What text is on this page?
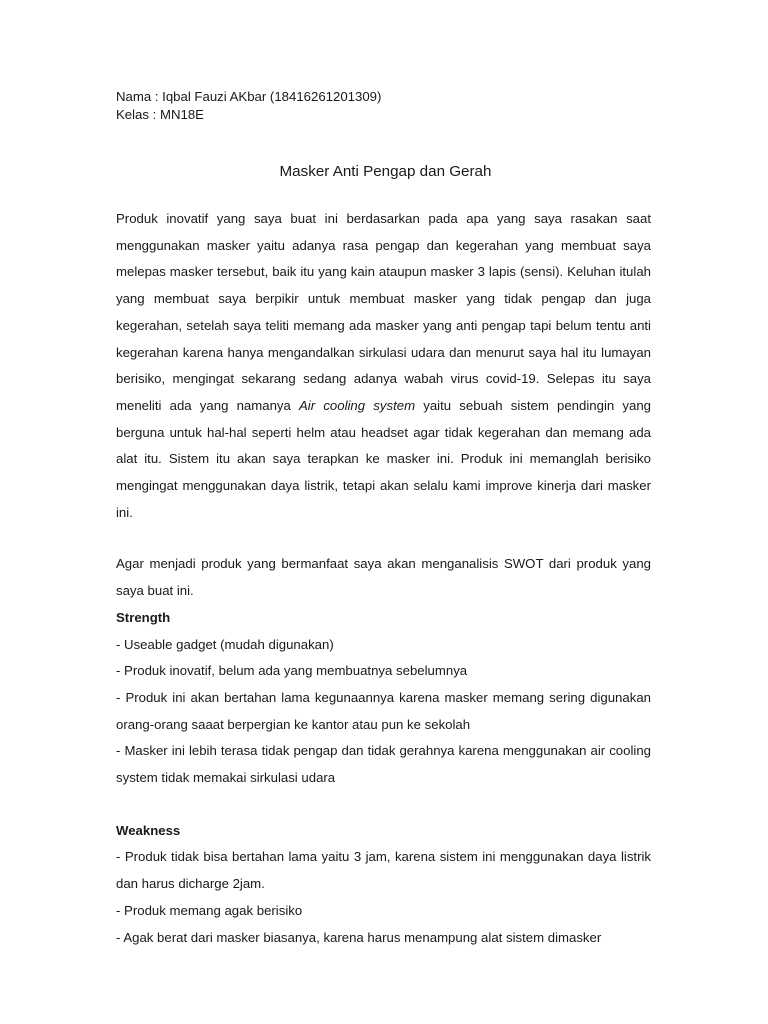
Nama : Iqbal Fauzi AKbar (18416261201309)

Kelas : MN18E

Masker Anti Pengap dan Gerah

Produk inovatif yang saya buat ini berdasarkan pada apa yang saya rasakan saat menggunakan masker yaitu adanya rasa pengap dan kegerahan yang membuat saya melepas masker tersebut, baik itu yang kain ataupun masker 3 lapis (sensi). Keluhan itulah yang membuat saya berpikir untuk membuat masker yang tidak pengap dan juga kegerahan, setelah saya teliti memang ada masker yang anti pengap tapi belum tentu anti kegerahan karena hanya mengandalkan sirkulasi udara dan menurut saya hal itu lumayan berisiko, mengingat sekarang sedang adanya wabah virus covid-19. Selepas itu saya meneliti ada yang namanya Air cooling system yaitu sebuah sistem pendingin yang berguna untuk hal-hal seperti helm atau headset agar tidak kegerahan dan memang ada alat itu. Sistem itu akan saya terapkan ke masker ini. Produk ini memanglah berisiko mengingat menggunakan daya listrik, tetapi akan selalu kami improve kinerja dari masker ini.

Agar menjadi produk yang bermanfaat saya akan menganalisis SWOT dari produk yang saya buat ini.

Strength

- Useable gadget (mudah digunakan)

- Produk inovatif, belum ada yang membuatnya sebelumnya

- Produk ini akan bertahan lama kegunaannya karena masker memang sering digunakan orang-orang saaat berpergian ke kantor atau pun ke sekolah

- Masker ini lebih terasa tidak pengap dan tidak gerahnya karena menggunakan air cooling system tidak memakai sirkulasi udara

Weakness

- Produk tidak bisa bertahan lama yaitu 3 jam, karena sistem ini menggunakan daya listrik dan harus dicharge 2jam.

- Produk memang agak berisiko

- Agak berat dari masker biasanya, karena harus menampung alat sistem dimasker
